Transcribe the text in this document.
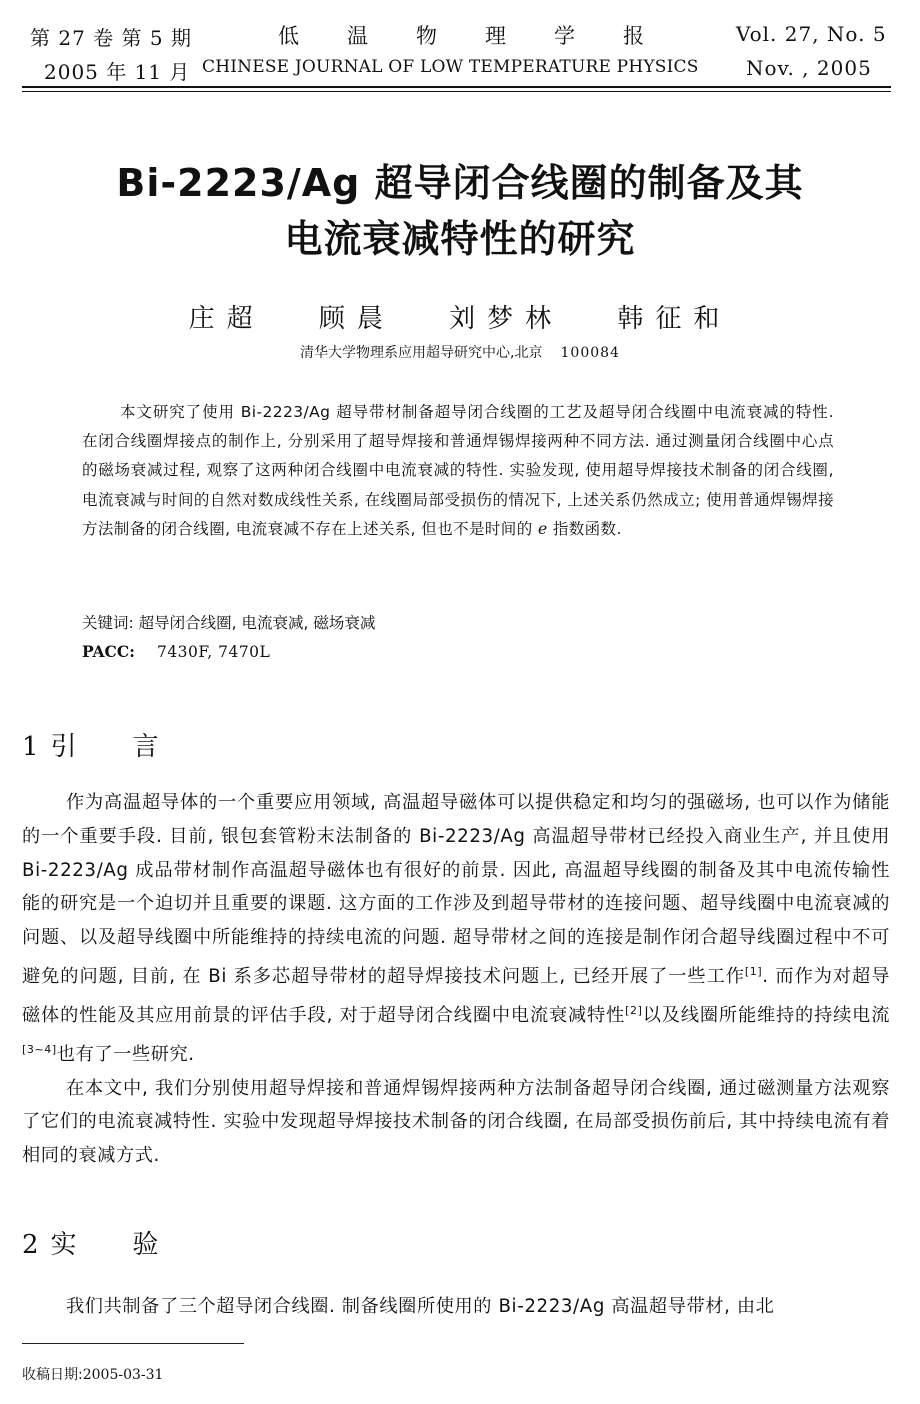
第 27 卷 第 5 期	低温物理学报 Vol. 27, No. 5
2005 年 11 月 CHINESE JOURNAL OF LOW TEMPERATURE PHYSICS Nov. , 2005
Bi-2223/Ag 超导闭合线圈的制备及其
电流衰减特性的研究
庄超 顾晨 刘梦林 韩征和
清华大学物理系应用超导研究中心,北京 100084
本文研究了使用 Bi-2223/Ag 超导带材制备超导闭合线圈的工艺及超导闭合线圈中电流衰减的特性. 在闭合线圈焊接点的制作上, 分别采用了超导焊接和普通焊锡焊接两种不同方法. 通过测量闭合线圈中心点的磁场衰减过程, 观察了这两种闭合线圈中电流衰减的特性. 实验发现, 使用超导焊接技术制备的闭合线圈, 电流衰减与时间的自然对数成线性关系, 在线圈局部受损伤的情况下, 上述关系仍然成立; 使用普通焊锡焊接方法制备的闭合线圈, 电流衰减不存在上述关系, 但也不是时间的 e 指数函数.
关键词: 超导闭合线圈, 电流衰减, 磁场衰减
PACC: 7430F, 7470L
1 引言

作为高温超导体的一个重要应用领域, 高温超导磁体可以提供稳定和均匀的强磁场, 也可以作为储能的一个重要手段. 目前, 银包套管粉末法制备的 Bi-2223/Ag 高温超导带材已经投入商业生产, 并且使用 Bi-2223/Ag 成品带材制作高温超导磁体也有很好的前景. 因此, 高温超导线圈的制备及其中电流传输性能的研究是一个迫切并且重要的课题. 这方面的工作涉及到超导带材的连接问题、超导线圈中电流衰减的问题、以及超导线圈中所能维持的持续电流的问题. 超导带材之间的连接是制作闭合超导线圈过程中不可避免的问题, 目前, 在 Bi 系多芯超导带材的超导焊接技术问题上, 已经开展了一些工作[1]. 而作为对超导磁体的性能及其应用前景的评估手段, 对于超导闭合线圈中电流衰减特性[2]以及线圈所能维持的持续电流[3~4]也有了一些研究.

在本文中, 我们分别使用超导焊接和普通焊锡焊接两种方法制备超导闭合线圈, 通过磁测量方法观察了它们的电流衰减特性. 实验中发现超导焊接技术制备的闭合线圈, 在局部受损伤前后, 其中持续电流有着相同的衰减方式.

2 实验

我们共制备了三个超导闭合线圈. 制备线圈所使用的 Bi-2223/Ag 高温超导带材, 由北

收稿日期:2005-03-31
